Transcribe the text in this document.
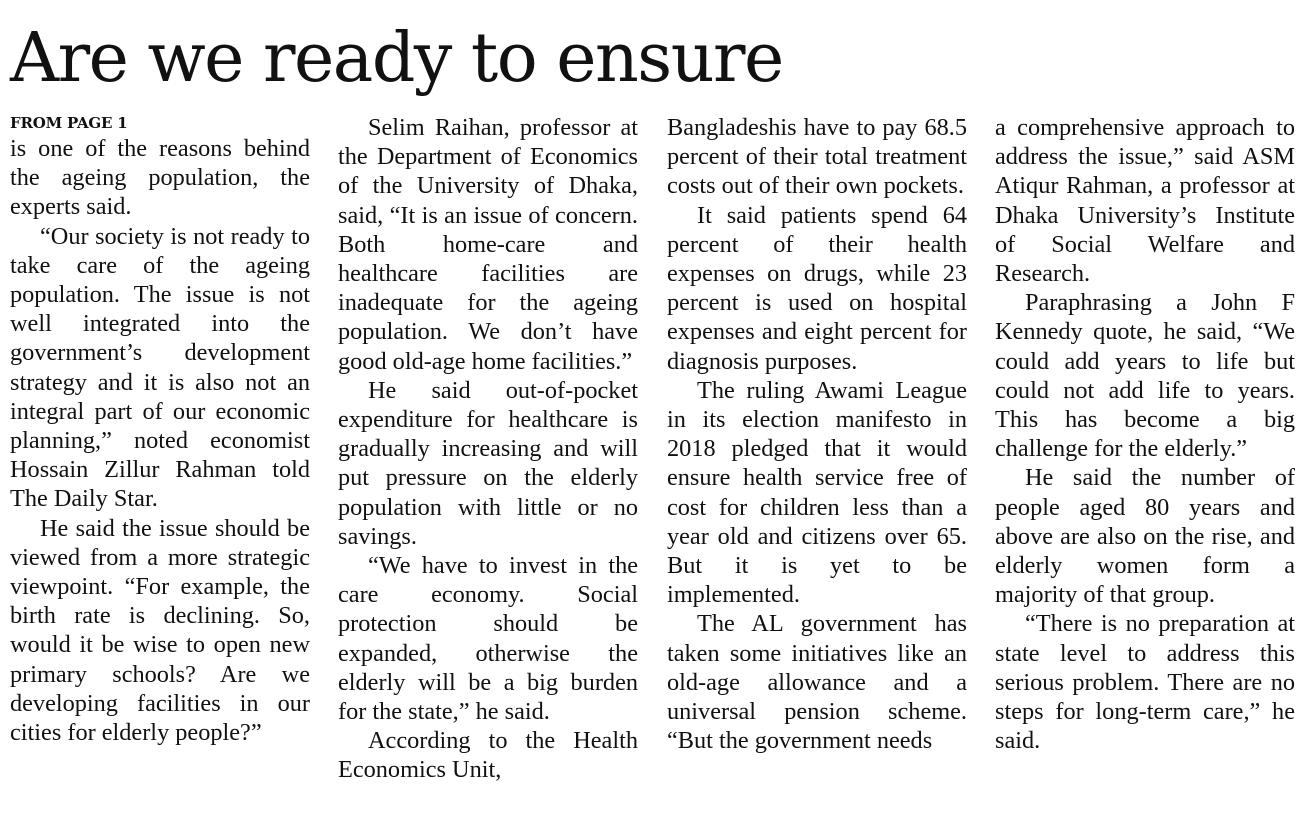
Are we ready to ensure
FROM PAGE 1

is one of the reasons behind the ageing population, the experts said.

“Our society is not ready to take care of the ageing population. The issue is not well integrated into the government’s development strategy and it is also not an integral part of our economic planning,” noted economist Hossain Zillur Rahman told The Daily Star.

He said the issue should be viewed from a more strategic viewpoint. “For example, the birth rate is declining. So, would it be wise to open new primary schools? Are we developing facilities in our cities for elderly people?”

Selim Raihan, professor at the Department of Economics of the University of Dhaka, said, “It is an issue of concern. Both home-care and healthcare facilities are inadequate for the ageing population. We don’t have good old-age home facilities.”

He said out-of-pocket expenditure for healthcare is gradually increasing and will put pressure on the elderly population with little or no savings.

“We have to invest in the care economy. Social protection should be expanded, otherwise the elderly will be a big burden for the state,” he said.

According to the Health Economics Unit,

Bangladeshis have to pay 68.5 percent of their total treatment costs out of their own pockets.

It said patients spend 64 percent of their health expenses on drugs, while 23 percent is used on hospital expenses and eight percent for diagnosis purposes.

The ruling Awami League in its election manifesto in 2018 pledged that it would ensure health service free of cost for children less than a year old and citizens over 65. But it is yet to be implemented.

The AL government has taken some initiatives like an old-age allowance and a universal pension scheme. “But the government needs

a comprehensive approach to address the issue,” said ASM Atiqur Rahman, a professor at Dhaka University’s Institute of Social Welfare and Research.

Paraphrasing a John F Kennedy quote, he said, “We could add years to life but could not add life to years. This has become a big challenge for the elderly.”

He said the number of people aged 80 years and above are also on the rise, and elderly women form a majority of that group.

“There is no preparation at state level to address this serious problem. There are no steps for long-term care,” he said.
